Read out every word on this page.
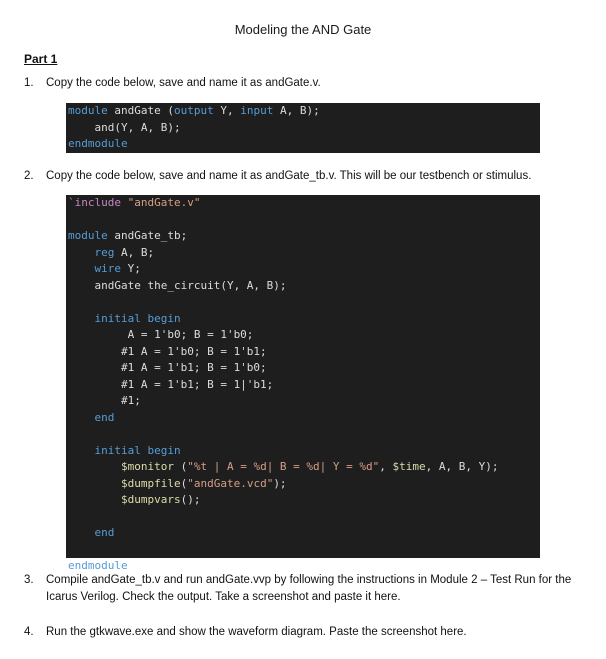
Modeling the AND Gate
Part 1
1.	Copy the code below, save and name it as andGate.v.
module andGate (output Y, input A, B);
and(Y, A, B);
endmodule
2.	Copy the code below, save and name it as andGate_tb.v. This will be our testbench or stimulus.
`include "andGate.v"
module andGate_tb;
reg A, B;
wire Y;
andGate the_circuit(Y, A, B);
initial begin
A = 1'b0; B = 1'b0;
#1 A = 1'b0; B = 1'b1;
#1 A = 1'b1; B = 1'b0;
#1 A = 1'b1; B = 1|'b1;
#1;
end
initial begin
$monitor ("%t | A = %d| B = %d| Y = %d", $time, A, B, Y);
$dumpfile("andGate.vcd");
$dumpvars();
end
endmodule
3.	Compile andGate_tb.v and run andGate.vvp by following the instructions in Module 2 – Test Run for the Icarus Verilog. Check the output. Take a screenshot and paste it here.
4.	Run the gtkwave.exe and show the waveform diagram. Paste the screenshot here.
